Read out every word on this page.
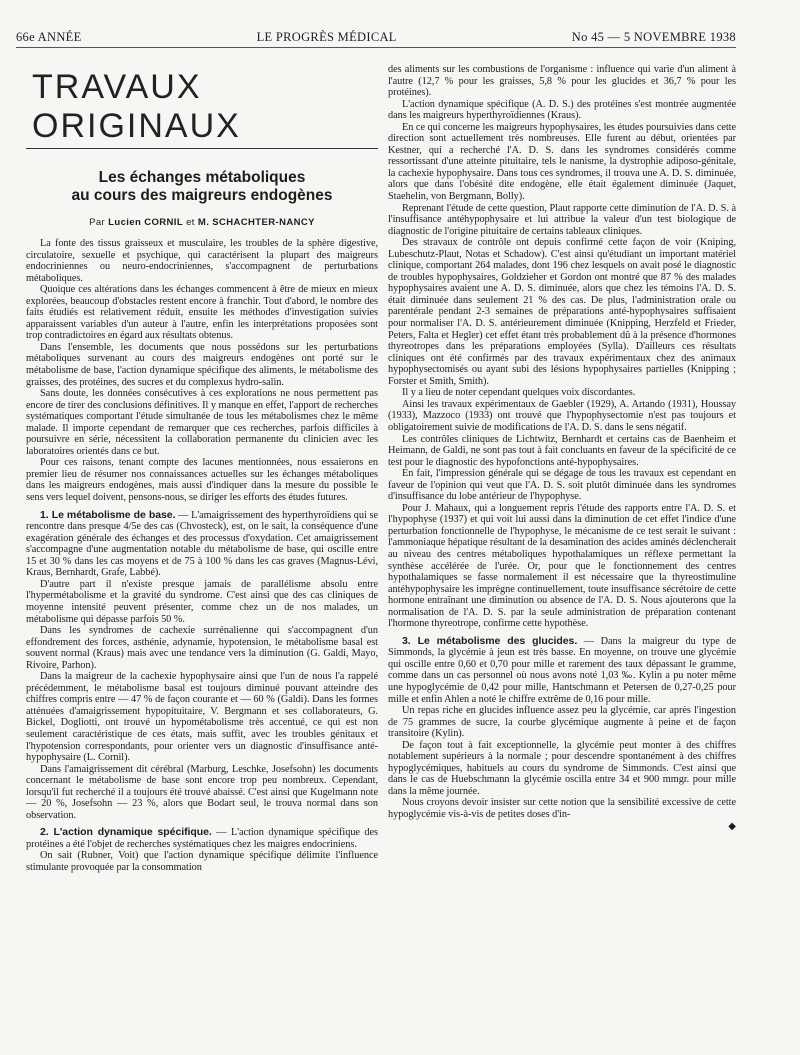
66e ANNÉE	LE PROGRÈS MÉDICAL	No 45 — 5 NOVEMBRE 1938
TRAVAUX ORIGINAUX
Les échanges métaboliques
au cours des maigreurs endogènes
Par Lucien CORNIL et M. SCHACHTER-NANCY

La fonte des tissus graisseux et musculaire, les troubles de la sphère digestive, circulatoire, sexuelle et psychique, qui caractérisent la plupart des maigreurs endocriniennes ou neuro-endocriniennes, s'accompagnent de perturbations métaboliques.

Quoique ces altérations dans les échanges commencent à être de mieux en mieux explorées, beaucoup d'obstacles restent encore à franchir. Tout d'abord, le nombre des faits étudiés est relativement réduit, ensuite les méthodes d'investigation suivies apparaissent variables d'un auteur à l'autre, enfin les interprétations proposées sont trop contradictoires en égard aux résultats obtenus.

Dans l'ensemble, les documents que nous possédons sur les perturbations métaboliques survenant au cours des maigreurs endogènes ont porté sur le métabolisme de base, l'action dynamique spécifique des aliments, le métabolisme des graisses, des protéines, des sucres et du complexus hydro-salin.

Sans doute, les données consécutives à ces explorations ne nous permettent pas encore de tirer des conclusions définitives. Il y manque en effet, l'apport de recherches systématiques comportant l'étude simultanée de tous les métabolismes chez le même malade. Il importe cependant de remarquer que ces recherches, parfois difficiles à poursuivre en série, nécessitent la collaboration permanente du clinicien avec les laboratoires orientés dans ce but.

Pour ces raisons, tenant compte des lacunes mentionnées, nous essaierons en premier lieu de résumer nos connaissances actuelles sur les échanges métaboliques dans les maigreurs endogènes, mais aussi d'indiquer dans la mesure du possible le sens vers lequel doivent, pensons-nous, se diriger les efforts des études futures.

1. Le métabolisme de base. — L'amaigrissement des hyperthyroïdiens qui se rencontre dans presque 4/5e des cas (Chvosteck), est, on le sait, la conséquence d'une exagération générale des échanges et des processus d'oxydation. Cet amaigrissement s'accompagne d'une augmentation notable du métabolisme de base, qui oscille entre 15 et 30 % dans les cas moyens et de 75 à 100 % dans les cas graves (Magnus-Lévi, Kraus, Bernhardt, Grafe, Labbé).

D'autre part il n'existe presque jamais de parallélisme absolu entre l'hypermétabolisme et la gravité du syndrome. C'est ainsi que des cas cliniques de moyenne intensité peuvent présenter, comme chez un de nos malades, un métabolisme qui dépasse parfois 50 %.

Dans les syndromes de cachexie surrénalienne qui s'accompagnent d'un effondrement des forces, asthénie, adynamie, hypotension, le métabolisme basal est souvent normal (Kraus) mais avec une tendance vers la diminution (G. Galdi, Mayo, Rivoire, Parhon).

Dans la maigreur de la cachexie hypophysaire ainsi que l'un de nous l'a rappelé précédemment, le métabolisme basal est toujours diminué pouvant atteindre des chiffres compris entre — 47 % de façon courante et — 60 % (Galdi). Dans les formes atténuées d'amaigrissement hypopituitaire, V. Bergmann et ses collaborateurs, G. Bickel, Dogliotti, ont trouvé un hypométabolisme très accentué, ce qui est non seulement caractéristique de ces états, mais suffit, avec les troubles génitaux et l'hypotension correspondants, pour orienter vers un diagnostic d'insuffisance anté-hypophysaire (L. Cornil).

Dans l'amaigrissement dit cérébral (Marburg, Leschke, Josefsohn) les documents concernant le métabolisme de base sont encore trop peu nombreux. Cependant, lorsqu'il fut recherché il a toujours été trouvé abaissé. C'est ainsi que Kugelmann note — 20 %, Josefsohn — 23 %, alors que Bodart seul, le trouva normal dans son observation.

2. L'action dynamique spécifique. — L'action dynamique spécifique des protéines a été l'objet de recherches systématiques chez les maigres endocriniens.

On sait (Rubner, Voit) que l'action dynamique spécifique délimite l'influence stimulante provoquée par la consommation

des aliments sur les combustions de l'organisme : influence qui varie d'un aliment à l'autre (12,7 % pour les graisses, 5,8 % pour les glucides et 36,7 % pour les protéines).

L'action dynamique spécifique (A. D. S.) des protéines s'est montrée augmentée dans les maigreurs hyperthyroïdiennes (Kraus).

En ce qui concerne les maigreurs hypophysaires, les études poursuivies dans cette direction sont actuellement très nombreuses. Elle furent au début, orientées par Kestner, qui a recherché l'A. D. S. dans les syndromes considérés comme ressortissant d'une atteinte pituitaire, tels le nanisme, la dystrophie adiposo-génitale, la cachexie hypophysaire. Dans tous ces syndromes, il trouva une A. D. S. diminuée, alors que dans l'obésité dite endogène, elle était également diminuée (Jaquet, Staehelin, von Bergmann, Bolly).

Reprenant l'étude de cette question, Plaut rapporte cette diminution de l'A. D. S. à l'insuffisance antéhypophysaire et lui attribue la valeur d'un test biologique de diagnostic de l'origine pituitaire de certains tableaux cliniques.

Des stravaux de contrôle ont depuis confirmé cette façon de voir (Kniping, Lubeschutz-Plaut, Notas et Schadow). C'est ainsi qu'étudiant un important matériel clinique, comportant 264 malades, dont 196 chez lesquels on avait posé le diagnostic de troubles hypophysaires, Goldzieher et Gordon ont montré que 87 % des malades hypophysaires avaient une A. D. S. diminuée, alors que chez les témoins l'A. D. S. était diminuée dans seulement 21 % des cas. De plus, l'administration orale ou parentérale pendant 2-3 semaines de préparations anté-hypophysaires suffisaient pour normaliser l'A. D. S. antérieurement diminuée (Knipping, Herzfeld et Frieder, Peters, Falta et Hegler) cet effet étant très probablement dû à la présence d'hormones thyreotropes dans les préparations employées (Sylla). D'ailleurs ces résultats cliniques ont été confirmés par des travaux expérimentaux chez des animaux hypophysectomisés ou ayant subi des lésions hypophysaires partielles (Knipping ; Forster et Smith, Smith).

Il y a lieu de noter cependant quelques voix discordantes.

Ainsi les travaux expérimentaux de Gaebler (1929), A. Artando (1931), Houssay (1933), Mazzoco (1933) ont trouvé que l'hypophysectomie n'est pas toujours et obligatoirement suivie de modifications de l'A. D. S. dans le sens négatif.

Les contrôles cliniques de Lichtwitz, Bernhardt et certains cas de Baenheim et Heimann, de Galdi, ne sont pas tout à fait concluants en faveur de la spécificité de ce test pour le diagnostic des hypofonctions anté-hypophysaires.

En fait, l'impression générale qui se dégage de tous les travaux est cependant en faveur de l'opinion qui veut que l'A. D. S. soit plutôt diminuée dans les syndromes d'insuffisance du lobe antérieur de l'hypophyse.

Pour J. Mahaux, qui a longuement repris l'étude des rapports entre l'A. D. S. et l'hypophyse (1937) et qui voit lui aussi dans la diminution de cet effet l'indice d'une perturbation fonctionnelle de l'hypophyse, le mécanisme de ce test serait le suivant : l'ammoniaque hépatique résultant de la desamination des acides aminés déclencherait au niveau des centres métaboliques hypothalamiques un réflexe permettant la synthèse accélérée de l'urée. Or, pour que le fonctionnement des centres hypothalamiques se fasse normalement il est nécessaire que la thyreostimuline antéhypophysaire les imprègne continuellement, toute insuffisance sécrétoire de cette hormone entraînant une diminution ou absence de l'A. D. S. Nous ajouterons que la normalisation de l'A. D. S. par la seule administration de préparation contenant l'hormone thyreotrope, confirme cette hypothèse.

3. Le métabolisme des glucides. — Dans la maigreur du type de Simmonds, la glycémie à jeun est très basse. En moyenne, on trouve une glycémie qui oscille entre 0,60 et 0,70 pour mille et rarement des taux dépassant le gramme, comme dans un cas personnel où nous avons noté 1,03 ‰. Kylin a pu noter même une hypoglycémie de 0,42 pour mille, Hantschmann et Petersen de 0,27-0,25 pour mille et enfin Ahlen a noté le chiffre extrême de 0,16 pour mille.

Un repas riche en glucides influence assez peu la glycémie, car après l'ingestion de 75 grammes de sucre, la courbe glycémique augmente à peine et de façon transitoire (Kylin).

De façon tout à fait exceptionnelle, la glycémie peut monter à des chiffres notablement supérieurs à la normale ; pour descendre spontanément à des chiffres hypoglycémiques, habituels au cours du syndrome de Simmonds. C'est ainsi que dans le cas de Huebschmann la glycémie oscilla entre 34 et 900 mmgr. pour mille dans la même journée.

Nous croyons devoir insister sur cette notion que la sensibilité excessive de cette hypoglycémie vis-à-vis de petites doses d'in-

◆
